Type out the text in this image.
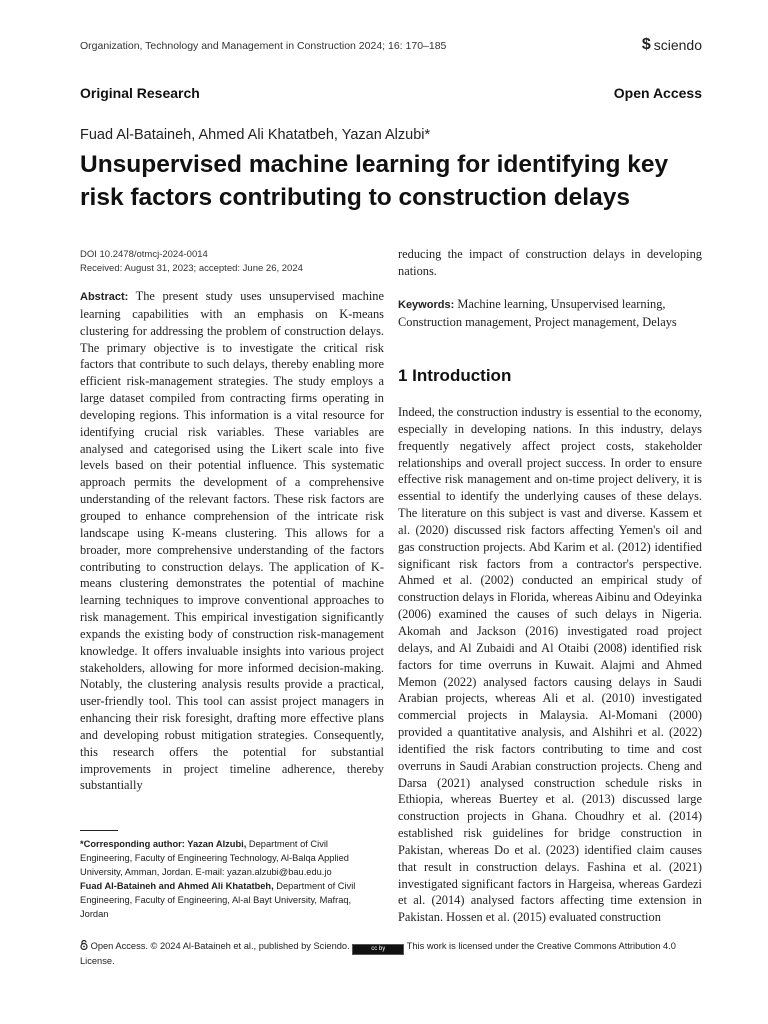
Organization, Technology and Management in Construction 2024; 16: 170–185	$ sciendo
Original Research	Open Access
Fuad Al-Bataineh, Ahmed Ali Khatatbeh, Yazan Alzubi*
Unsupervised machine learning for identifying key risk factors contributing to construction delays
DOI 10.2478/otmcj-2024-0014
Received: August 31, 2023; accepted: June 26, 2024

Abstract: The present study uses unsupervised machine learning capabilities with an emphasis on K-means clustering for addressing the problem of construction delays. The primary objective is to investigate the critical risk factors that contribute to such delays, thereby enabling more efficient risk-management strategies. The study employs a large dataset compiled from contracting firms operating in developing regions. This information is a vital resource for identifying crucial risk variables. These variables are analysed and categorised using the Likert scale into five levels based on their potential influence. This systematic approach permits the development of a comprehensive understanding of the relevant factors. These risk factors are grouped to enhance comprehension of the intricate risk landscape using K-means clustering. This allows for a broader, more comprehensive understanding of the factors contributing to construction delays. The application of K-means clustering demonstrates the potential of machine learning techniques to improve conventional approaches to risk management. This empirical investigation significantly expands the existing body of construction risk-management knowledge. It offers invaluable insights into various project stakeholders, allowing for more informed decision-making. Notably, the clustering analysis results provide a practical, user-friendly tool. This tool can assist project managers in enhancing their risk foresight, drafting more effective plans and developing robust mitigation strategies. Consequently, this research offers the potential for substantial improvements in project timeline adherence, thereby substantially

reducing the impact of construction delays in developing nations.

Keywords: Machine learning, Unsupervised learning, Construction management, Project management, Delays

1 Introduction

Indeed, the construction industry is essential to the economy, especially in developing nations. In this industry, delays frequently negatively affect project costs, stakeholder relationships and overall project success. In order to ensure effective risk management and on-time project delivery, it is essential to identify the underlying causes of these delays. The literature on this subject is vast and diverse. Kassem et al. (2020) discussed risk factors affecting Yemen's oil and gas construction projects. Abd Karim et al. (2012) identified significant risk factors from a contractor's perspective. Ahmed et al. (2002) conducted an empirical study of construction delays in Florida, whereas Aibinu and Odeyinka (2006) examined the causes of such delays in Nigeria. Akomah and Jackson (2016) investigated road project delays, and Al Zubaidi and Al Otaibi (2008) identified risk factors for time overruns in Kuwait. Alajmi and Ahmed Memon (2022) analysed factors causing delays in Saudi Arabian projects, whereas Ali et al. (2010) investigated commercial projects in Malaysia. Al-Momani (2000) provided a quantitative analysis, and Alshihri et al. (2022) identified the risk factors contributing to time and cost overruns in Saudi Arabian construction projects. Cheng and Darsa (2021) analysed construction schedule risks in Ethiopia, whereas Buertey et al. (2013) discussed large construction projects in Ghana. Choudhry et al. (2014) established risk guidelines for bridge construction in Pakistan, whereas Do et al. (2023) identified claim causes that result in construction delays. Fashina et al. (2021) investigated significant factors in Hargeisa, whereas Gardezi et al. (2014) analysed factors affecting time extension in Pakistan. Hossen et al. (2015) evaluated construction

*Corresponding author: Yazan Alzubi, Department of Civil Engineering, Faculty of Engineering Technology, Al-Balqa Applied University, Amman, Jordan. E-mail: yazan.alzubi@bau.edu.jo
Fuad Al-Bataineh and Ahmed Ali Khatatbeh, Department of Civil Engineering, Faculty of Engineering, Al-al Bayt University, Mafraq, Jordan
Open Access. © 2024 Al-Bataineh et al., published by Sciendo.	cc by This work is licensed under the Creative Commons Attribution 4.0 License.
